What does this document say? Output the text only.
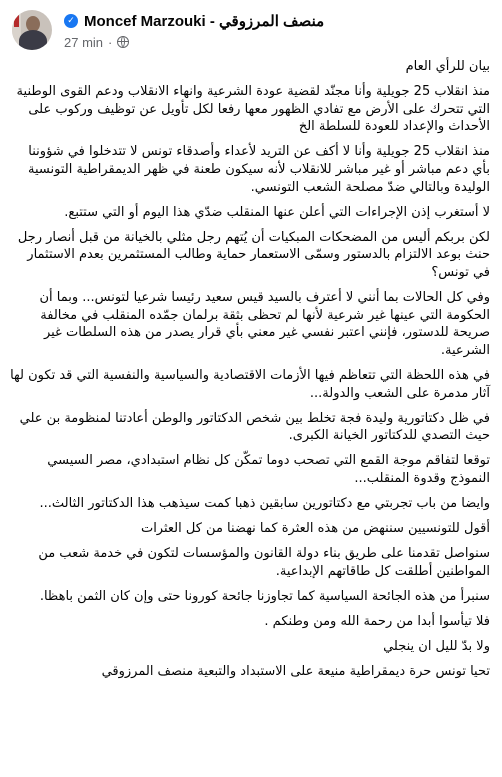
✓ Moncef Marzouki - منصف المرزوقي
27 min ·

بيان للرأي العام

منذ انقلاب 25 جويلية وأنا مجنّد لقضية عودة الشرعية وانهاء الانقلاب ودعم القوى الوطنية التي تتحرك على الأرض مع تفادي الظهور معها رفعا لكل تأويل عن توظيف وركوب على الأحداث والإعداد للعودة للسلطة الخ

منذ انقلاب 25 جويلية وأنا لا أكف عن التريد لأعداء وأصدقاء تونس لا تتدخلوا في شؤوننا بأي دعم مباشر أو غير مباشر للانقلاب لأنه سيكون طعنة في ظهر الديمقراطية التونسية الوليدة وبالتالي ضدّ مصلحة الشعب التونسي.

لا أستغرب إذن الإجراءات التي أعلن عنها المنقلب ضدّي هذا اليوم أو التي ستتبع.

لكن بربكم أليس من المضحكات المبكيات أن يُتهم رجل مثلي بالخيانة من قبل أنصار رجل حنث بوعد الالتزام بالدستور وسمّى الاستعمار حماية وطالب المستثمرين بعدم الاستثمار في تونس؟

وفي كل الحالات بما أنني لا أعترف بالسيد قيس سعيد رئيسا شرعيا لتونس... وبما أن الحكومة التي عينها غير شرعية لأنها لم تحظى بثقة برلمان جمّده المنقلب في مخالفة صريحة للدستور، فإنني اعتبر نفسي غير معني بأي قرار يصدر من هذه السلطات غير الشرعية.

في هذه اللحظة التي تتعاظم فيها الأزمات الاقتصادية والسياسية والنفسية التي قد تكون لها آثار مدمرة على الشعب والدولة...

في ظل دكتاتورية وليدة فجة تخلط بين شخص الدكتاتور والوطن أعادتنا لمنظومة بن علي حيث التصدي للدكتاتور الخيانة الكبرى.

توقعا لتفاقم موجة القمع التي تصحب دوما تمكّن كل نظام استبدادي، مصر السيسي النموذج وقدوة المنقلب...

وايضا من باب تجربتي مع دكتاتورين سابقين ذهبا كمت سيذهب هذا الدكتاتور الثالث...

أقول للتونسيين سننهض من هذه العثرة كما نهضنا من كل العثرات

سنواصل تقدمنا على طريق بناء دولة القانون والمؤسسات لتكون في خدمة شعب من المواطنين أطلقت كل طاقاتهم الإبداعية.

سنبرأ من هذه الجائحة السياسية كما تجاوزنا جائحة كورونا حتى وإن كان الثمن باهظا.

فلا تيأسوا أبدا من رحمة الله ومن وطنكم .

ولا بدّ لليل ان ينجلي

تحيا تونس حرة ديمقراطية منيعة على الاستبداد والتبعية منصف المرزوقي
